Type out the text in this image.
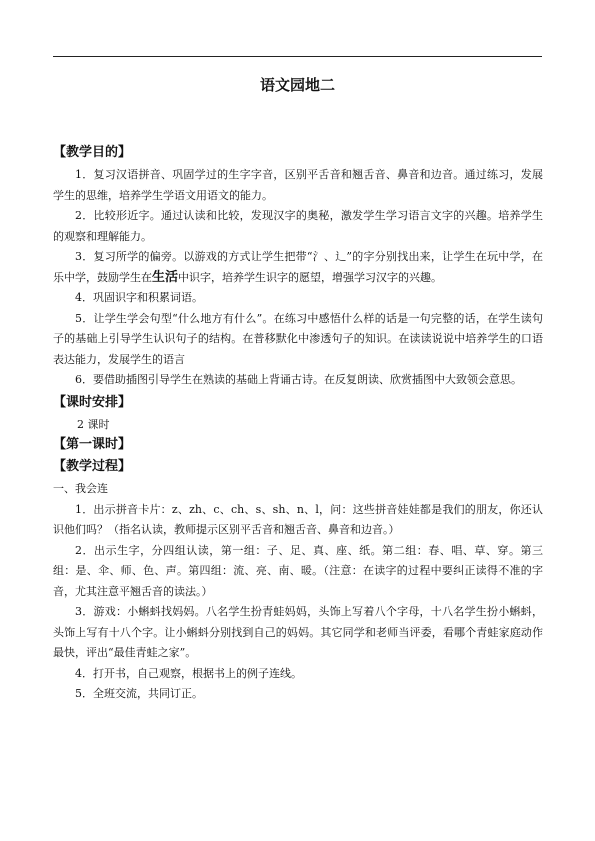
语文园地二
【教学目的】

1．复习汉语拼音、巩固学过的生字字音，区别平舌音和翘舌音、鼻音和边音。通过练习，发展学生的思维，培养学生学语文用语文的能力。

2．比较形近字。通过认读和比较，发现汉字的奥秘，激发学生学习语言文字的兴趣。培养学生的观察和理解能力。

3．复习所学的偏旁。以游戏的方式让学生把带“氵、辶”的字分别找出来，让学生在玩中学，在乐中学，鼓励学生在生活中识字，培养学生识字的愿望，增强学习汉字的兴趣。

4．巩固识字和积累词语。

5．让学生学会句型“什么地方有什么”。在练习中感悟什么样的话是一句完整的话，在学生读句子的基础上引导学生认识句子的结构。在普移默化中渗透句子的知识。在读读说说中培养学生的口语表达能力，发展学生的语言

6．要借助插图引导学生在熟读的基础上背诵古诗。在反复朗读、欣赏插图中大致领会意思。

【课时安排】

2 课时

【第一课时】
【教学过程】

一、我会连

1．出示拼音卡片：z、zh、c、ch、s、sh、n、l，问：这些拼音娃娃都是我们的朋友，你还认识他们吗？（指名认读，教师提示区别平舌音和翘舌音、鼻音和边音。）

2．出示生字，分四组认读，第一组：子、足、真、座、纸。第二组：春、唱、草、穿。第三组：是、伞、师、色、声。第四组：流、亮、南、暖。（注意：在读字的过程中要纠正读得不准的字音，尤其注意平翘舌音的读法。）

3．游戏：小蝌蚪找妈妈。八名学生扮青蛙妈妈，头饰上写着八个字母，十八名学生扮小蝌蚪，头饰上写有十八个字。让小蝌蚪分别找到自己的妈妈。其它同学和老师当评委，看哪个青蛙家庭动作最快，评出“最佳青蛙之家”。

4．打开书，自己观察，根据书上的例子连线。

5．全班交流，共同订正。
